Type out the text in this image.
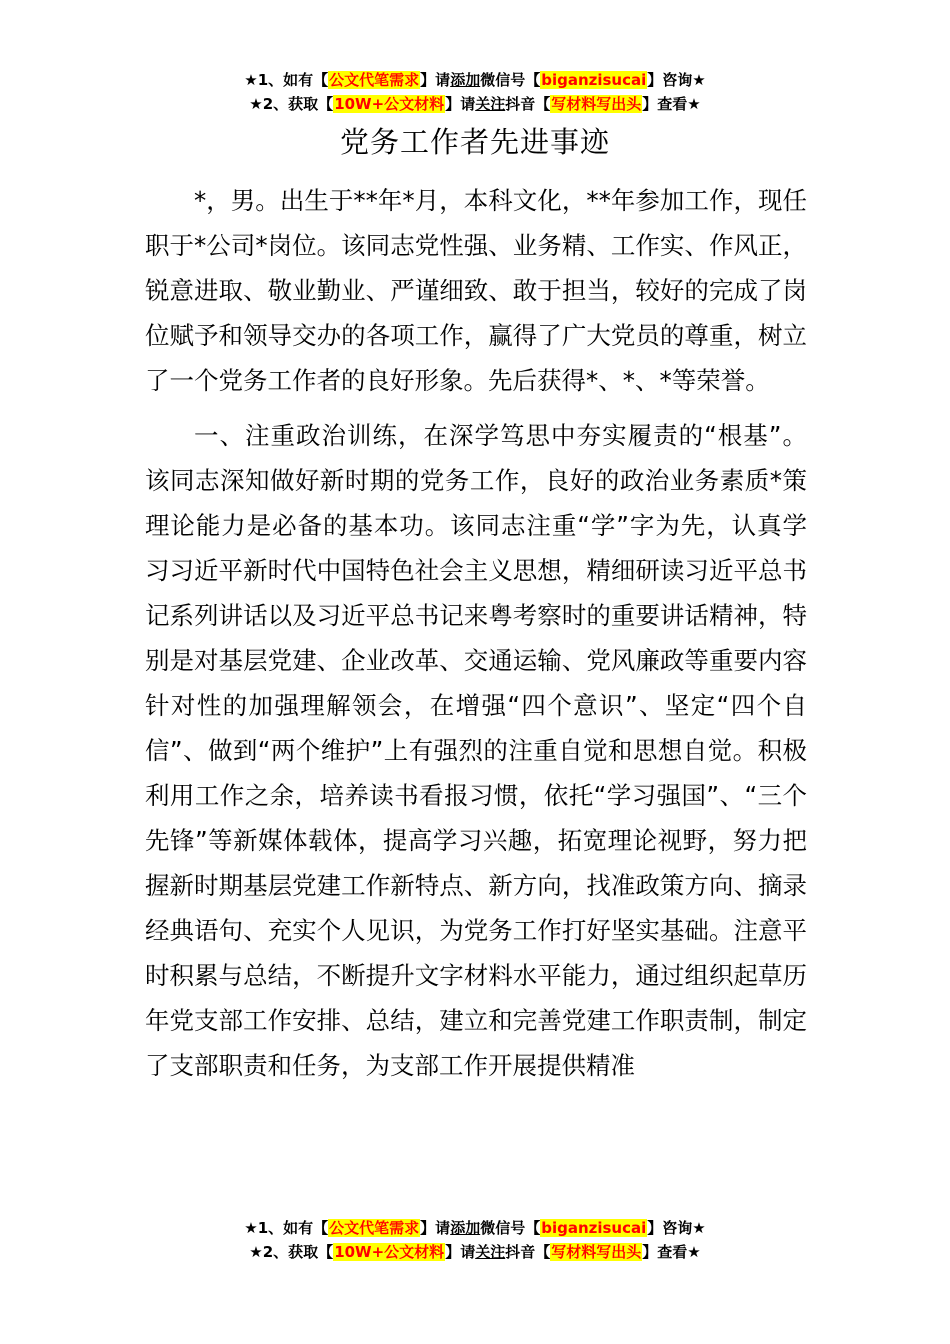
★1、如有【公文代笔需求】请添加微信号【biganzisucai】咨询★
★2、获取【10W+公文材料】请关注抖音【写材料写出头】查看★
党务工作者先进事迹

*，男。出生于**年*月，本科文化，**年参加工作，现任职于*公司*岗位。该同志党性强、业务精、工作实、作风正，锐意进取、敬业勤业、严谨细致、敢于担当，较好的完成了岗位赋予和领导交办的各项工作，赢得了广大党员的尊重，树立了一个党务工作者的良好形象。先后获得*、*、*等荣誉。

一、注重政治训练，在深学笃思中夯实履责的“根基”。该同志深知做好新时期的党务工作，良好的政治业务素质*策理论能力是必备的基本功。该同志注重“学”字为先，认真学习习近平新时代中国特色社会主义思想，精细研读习近平总书记系列讲话以及习近平总书记来粤考察时的重要讲话精神，特别是对基层党建、企业改革、交通运输、党风廉政等重要内容针对性的加强理解领会，在增强“四个意识”、坚定“四个自信”、做到“两个维护”上有强烈的注重自觉和思想自觉。积极利用工作之余，培养读书看报习惯，依托“学习强国”、“三个先锋”等新媒体载体，提高学习兴趣，拓宽理论视野，努力把握新时期基层党建工作新特点、新方向，找准政策方向、摘录经典语句、充实个人见识，为党务工作打好坚实基础。注意平时积累与总结，不断提升文字材料水平能力，通过组织起草历年党支部工作安排、总结，建立和完善党建工作职责制，制定了支部职责和任务，为支部工作开展提供精准

★1、如有【公文代笔需求】请添加微信号【biganzisucai】咨询★
★2、获取【10W+公文材料】请关注抖音【写材料写出头】查看★
